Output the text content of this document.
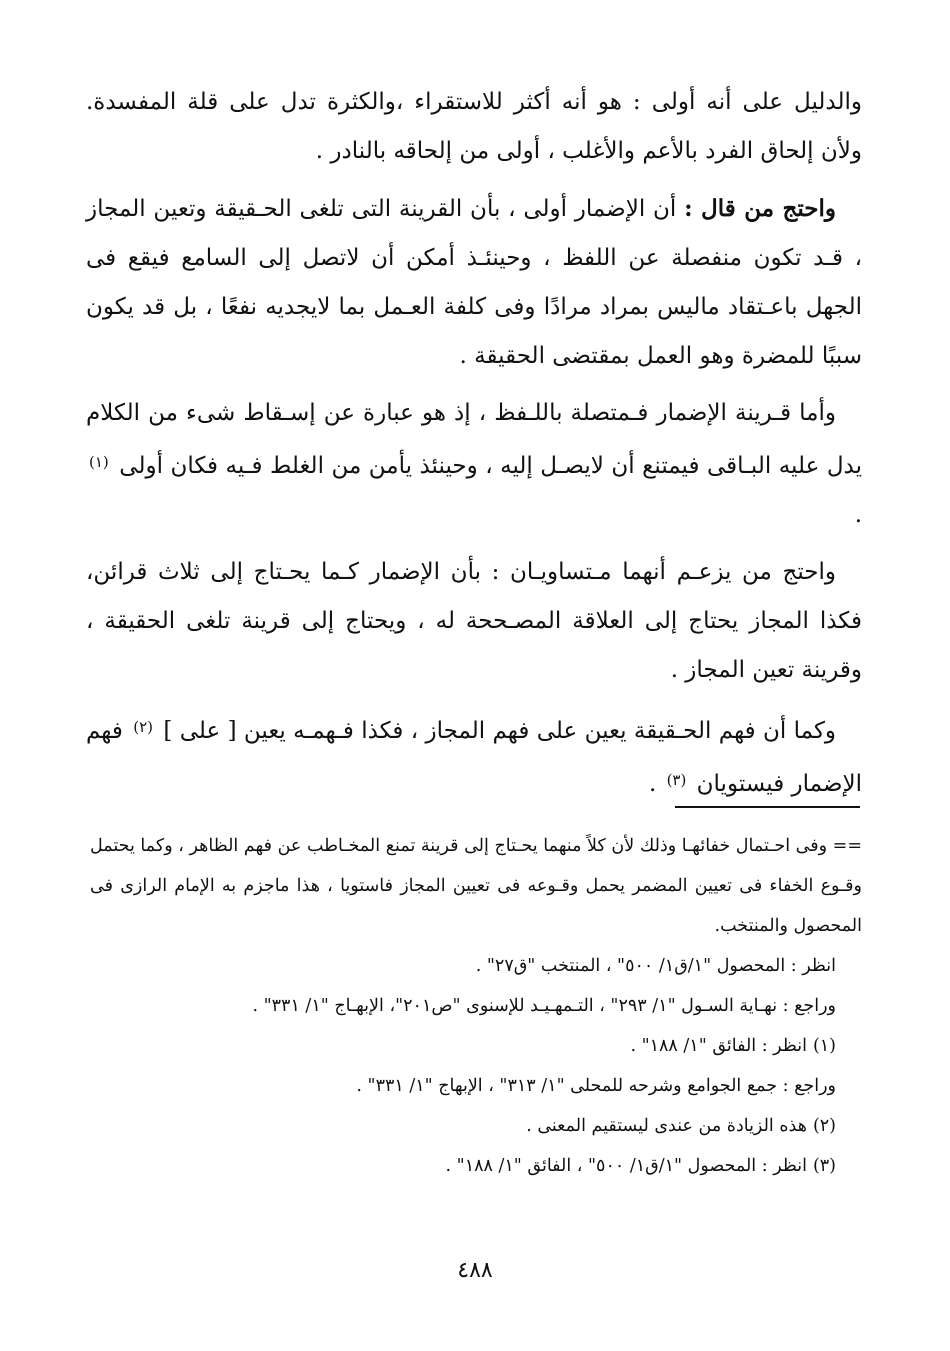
والدليل على أنه أولى : هو أنه أكثر للاستقراء ،والكثرة تدل على قلة المفسدة. ولأن إلحاق الفرد بالأعم والأغلب ، أولى من إلحاقه بالنادر .

واحتج من قال : أن الإضمار أولى ، بأن القرينة التى تلغى الحـقيقة وتعين المجاز ، قـد تكون منفصلة عن اللفظ ، وحينئـذ أمكن أن لاتصل إلى السامع فيقع فى الجهل باعـتقاد ماليس بمراد مرادًا وفى كلفة العـمل بما لايجديه نفعًا ، بل قد يكون سببًا للمضرة وهو العمل بمقتضى الحقيقة .

وأما قـرينة الإضمار فـمتصلة باللـفظ ، إذ هو عبارة عن إسـقاط شىء من الكلام يدل عليه البـاقى فيمتنع أن لايصـل إليه ، وحينئذ يأمن من الغلط فـيه فكان أولى $^{(١)}$ .

واحتج من يزعـم أنهما مـتساويـان : بأن الإضمار كـما يحـتاج إلى ثلاث قرائن، فكذا المجاز يحتاج إلى العلاقة المصـححة له ، ويحتاج إلى قرينة تلغى الحقيقة ، وقرينة تعين المجاز .

وكما أن فهم الحـقيقة يعين على فهم المجاز ، فكذا فـهمـه يعين [ على ] $^{(٢)}$ فهم الإضمار فيستويان $^{(٣)}$ .

== وفى احـتمال خفائهـا وذلك لأن كلاً منهما يحـتاج إلى قرينة تمنع المخـاطب عن فهم الظاهر ، وكما يحتمل وقـوع الخفاء فى تعيين المضمر يحمل وقـوعه فى تعيين المجاز فاستويا ، هذا ماجزم به الإمام الرازى فى المحصول والمنتخب.

انظر : المحصول "١/ق١/ ٥٠٠" ، المنتخب "ق٢٧" .

وراجع : نهـاية السـول "١/ ٢٩٣" ، التـمهـيـد للإسنوى "ص٢٠١"، الإبهـاج "١/ ٣٣١" .

(١)انظر : الفائق "١/ ١٨٨" .

وراجع : جمع الجوامع وشرحه للمحلى "١/ ٣١٣" ، الإبهاج "١/ ٣٣١" .

(٢)هذه الزيادة من عندى ليستقيم المعنى .

(٣)انظر : المحصول "١/ق١/ ٥٠٠" ، الفائق "١/ ١٨٨" .

٤٨٨
